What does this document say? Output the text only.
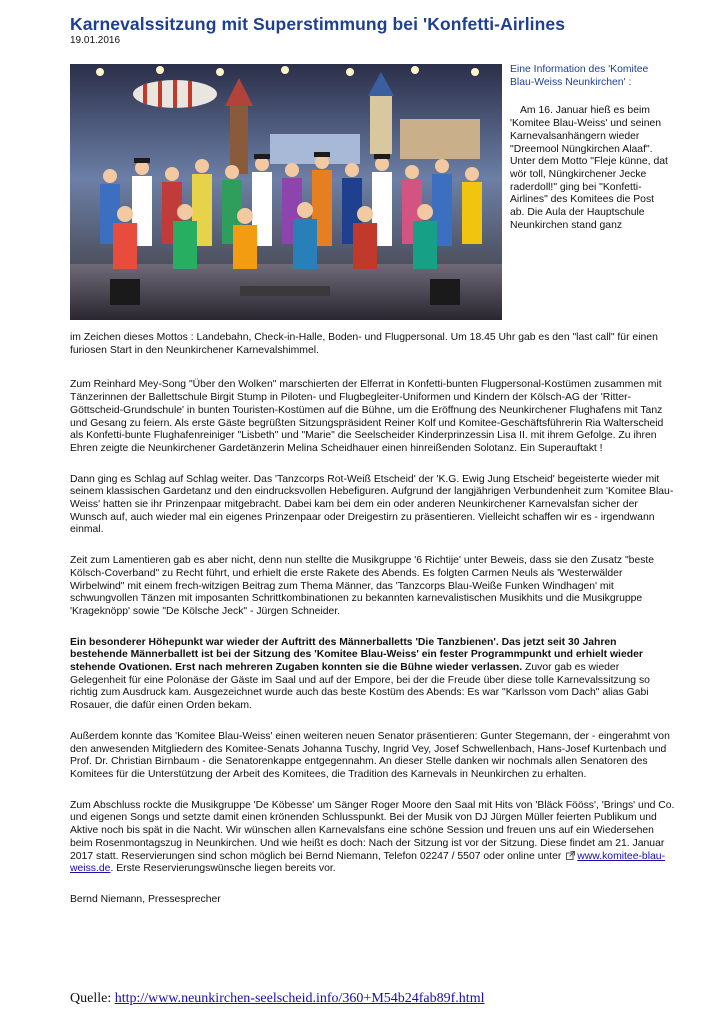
Karnevalssitzung mit Superstimmung bei 'Konfetti-Airlines
19.01.2016

Eine Information des 'Komitee Blau-Weiss Neunkirchen' :

Am 16. Januar hieß es beim 'Komitee Blau-Weiss' und seinen Karnevalsanhängern wieder "Dreemool Nüngkirchen Alaaf". Unter dem Motto "Fleje künne, dat wör toll, Nüngkirchener Jecke raderdoll!" ging bei "Konfetti-Airlines" des Komitees die Post ab. Die Aula der Hauptschule Neunkirchen stand ganz

im Zeichen dieses Mottos : Landebahn, Check-in-Halle, Boden- und Flugpersonal. Um 18.45 Uhr gab es den "last call" für einen furiosen Start in den Neunkirchener Karnevalshimmel.

Zum Reinhard Mey-Song "Über den Wolken" marschierten der Elferrat in Konfetti-bunten Flugpersonal-Kostümen zusammen mit Tänzerinnen der Ballettschule Birgit Stump in Piloten- und Flugbegleiter-Uniformen und Kindern der Kölsch-AG der 'Ritter-Göttscheid-Grundschule' in bunten Touristen-Kostümen auf die Bühne, um die Eröffnung des Neunkirchener Flughafens mit Tanz und Gesang zu feiern. Als erste Gäste begrüßten Sitzungspräsident Reiner Kolf und Komitee-Geschäftsführerin Ria Walterscheid als Konfetti-bunte Flughafenreiniger "Lisbeth" und "Marie" die Seelscheider Kinderprinzessin Lisa II. mit ihrem Gefolge. Zu ihren Ehren zeigte die Neunkirchener Gardetänzerin Melina Scheidhauer einen hinreißenden Solotanz. Ein Superauftakt !

Dann ging es Schlag auf Schlag weiter. Das 'Tanzcorps Rot-Weiß Etscheid' der 'K.G. Ewig Jung Etscheid' begeisterte wieder mit seinem klassischen Gardetanz und den eindrucksvollen Hebefiguren. Aufgrund der langjährigen Verbundenheit zum 'Komitee Blau-Weiss' hatten sie ihr Prinzenpaar mitgebracht. Dabei kam bei dem ein oder anderen Neunkirchener Karnevalsfan sicher der Wunsch auf, auch wieder mal ein eigenes Prinzenpaar oder Dreigestirn zu präsentieren. Vielleicht schaffen wir es - irgendwann einmal.

Zeit zum Lamentieren gab es aber nicht, denn nun stellte die Musikgruppe '6 Richtije' unter Beweis, dass sie den Zusatz "beste Kölsch-Coverband" zu Recht führt, und erhielt die erste Rakete des Abends. Es folgten Carmen Neuls als 'Westerwälder Wirbelwind" mit einem frech-witzigen Beitrag zum Thema Männer, das 'Tanzcorps Blau-Weiße Funken Windhagen' mit schwungvollen Tänzen mit imposanten Schrittkombinationen zu bekannten karnevalistischen Musikhits und die Musikgruppe 'Krageknöpp' sowie "De Kölsche Jeck" - Jürgen Schneider.

Ein besonderer Höhepunkt war wieder der Auftritt des Männerballetts 'Die Tanzbienen'. Das jetzt seit 30 Jahren bestehende Männerballett ist bei der Sitzung des 'Komitee Blau-Weiss' ein fester Programmpunkt und erhielt wieder stehende Ovationen. Erst nach mehreren Zugaben konnten sie die Bühne wieder verlassen. Zuvor gab es wieder Gelegenheit für eine Polonäse der Gäste im Saal und auf der Empore, bei der die Freude über diese tolle Karnevalssitzung so richtig zum Ausdruck kam. Ausgezeichnet wurde auch das beste Kostüm des Abends: Es war "Karlsson vom Dach" alias Gabi Rosauer, die dafür einen Orden bekam.

Außerdem konnte das 'Komitee Blau-Weiss' einen weiteren neuen Senator präsentieren: Gunter Stegemann, der - eingerahmt von den anwesenden Mitgliedern des Komitee-Senats Johanna Tuschy, Ingrid Vey, Josef Schwellenbach, Hans-Josef Kurtenbach und Prof. Dr. Christian Birnbaum - die Senatorenkappe entgegennahm. An dieser Stelle danken wir nochmals allen Senatoren des Komitees für die Unterstützung der Arbeit des Komitees, die Tradition des Karnevals in Neunkirchen zu erhalten.

Zum Abschluss rockte die Musikgruppe 'De Köbesse' um Sänger Roger Moore den Saal mit Hits von 'Bläck Fööss', 'Brings' und Co. und eigenen Songs und setzte damit einen krönenden Schlusspunkt. Bei der Musik von DJ Jürgen Müller feierten Publikum und Aktive noch bis spät in die Nacht. Wir wünschen allen Karnevalsfans eine schöne Session und freuen uns auf ein Wiedersehen beim Rosenmontagszug in Neunkirchen. Und wie heißt es doch: Nach der Sitzung ist vor der Sitzung. Diese findet am 21. Januar 2017 statt. Reservierungen sind schon möglich bei Bernd Niemann, Telefon 02247 / 5507 oder online unter www.komitee-blau-weiss.de. Erste Reservierungswünsche liegen bereits vor.

Bernd Niemann, Pressesprecher

Quelle: http://www.neunkirchen-seelscheid.info/360+M54b24fab89f.html
